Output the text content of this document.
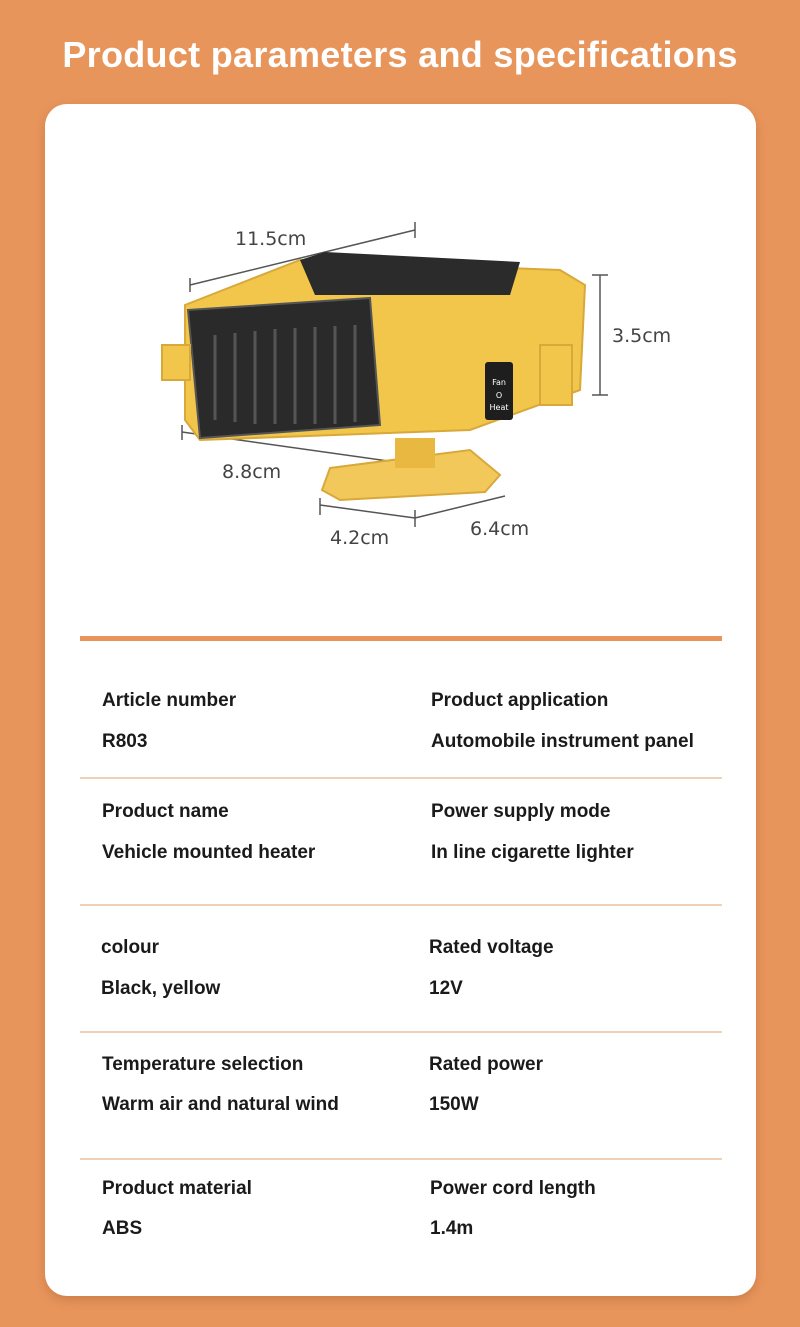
Product parameters and specifications
Fan
O
Heat
11.5cm
3.5cm
8.8cm
4.2cm	6.4cm
Article number
R803
Product application
Automobile instrument panel
Product name
Vehicle mounted heater
Power supply mode
In line cigarette lighter
colour
Black, yellow
Rated voltage
12V
Temperature selection
Warm air and natural wind
Rated power
150W
Product material
ABS
Power cord length
1.4m
